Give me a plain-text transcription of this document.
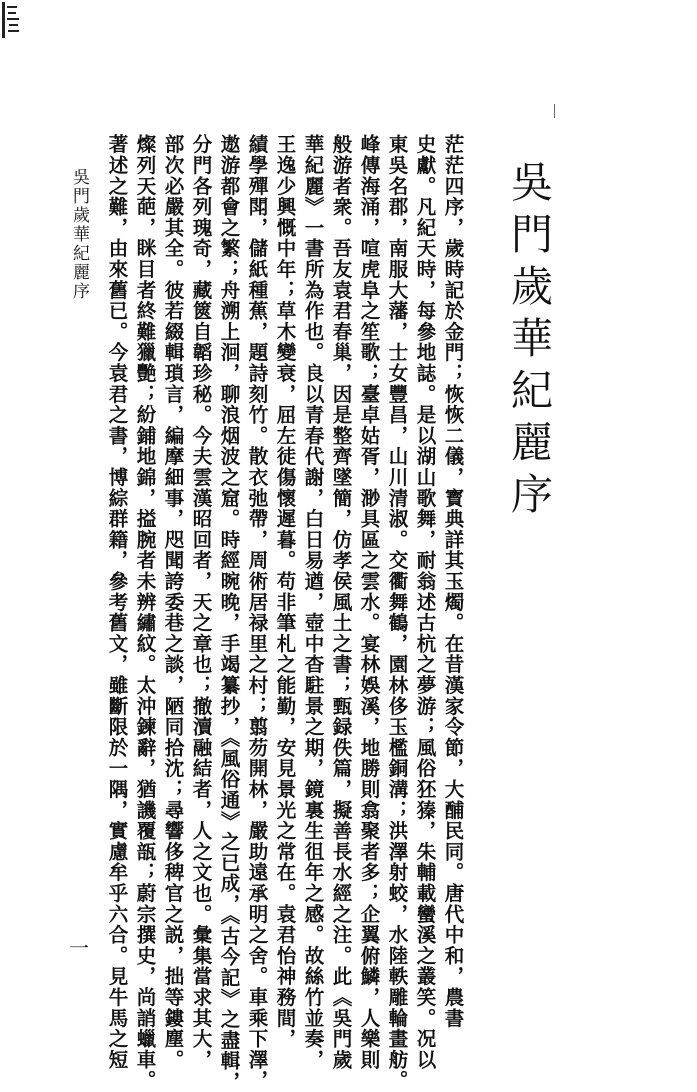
吳門歲華紀麗序
茫茫四序，歲時記於金門；恢恢二儀，寳典詳其玉燭。在昔漢家令節，大酺民同。唐代中和，農書
史獻。凡紀天時，每參地誌。是以湖山歌舞，耐翁述古杭之夢游；風俗狉獉，朱輔載蠻溪之叢笑。况以
東吳名郡，南服大藩，士女豐昌，山川清淑。交衢舞鶴，園林侈玉檻銅溝；洪澤射蛟，水陸軼雕輪畫舫。
峰傳海涌，喧虎阜之笙歌；臺卓姑胥，渺具區之雲水。宴林娛溪，地勝則翕聚者多；企翼俯鱗，人樂則
般游者衆。吾友袁君春巢，因是整齊墜簡，仿孝侯風土之書；甄録佚篇，擬善長水經之注。此《吳門歲
華紀麗》一書所為作也。良以青春代謝，白日易遒，壺中杳駐景之期，鏡裏生徂年之感。故絲竹並奏，
王逸少興慨中年；草木變衰，屈左徒傷懷遲暮。苟非筆札之能勤，安見景光之常在。袁君怡神務間，
績學殫閗，儲紙種蕉，題詩刻竹。散衣弛帶，周術居禄里之村；翦芴開林，嚴助遠承明之舍。車乘下澤，
遨游都會之繁；舟溯上洄，聊浪烟波之窟。時經晼晚，手竭纂抄，《風俗通》之已成，《古今記》之盡輯，
分門各列瑰奇，藏篋自韜珍秘。今夫雲漢昭回者，天之章也；撤瀆融結者，人之文也。彙集當求其大，
部次必嚴其全。彼若綴輯瑣言，編摩細事，咫聞誇委巷之談，陋同拾沈；尋響侈稗官之説，拙等鏤塵。
燦列天葩，眯目者終難獵艷；紛鋪地錦，搤腕者未辨繡紋。太沖鍊辭，猶譏覆瓿；蔚宗撰史，尚誚蠟車。
著述之難，由來舊已。今袁君之書，博綜群籍，參考舊文，雖斷限於一隅，實慮牟乎六合。見牛馬之短
吳門歲華紀麗序
一
